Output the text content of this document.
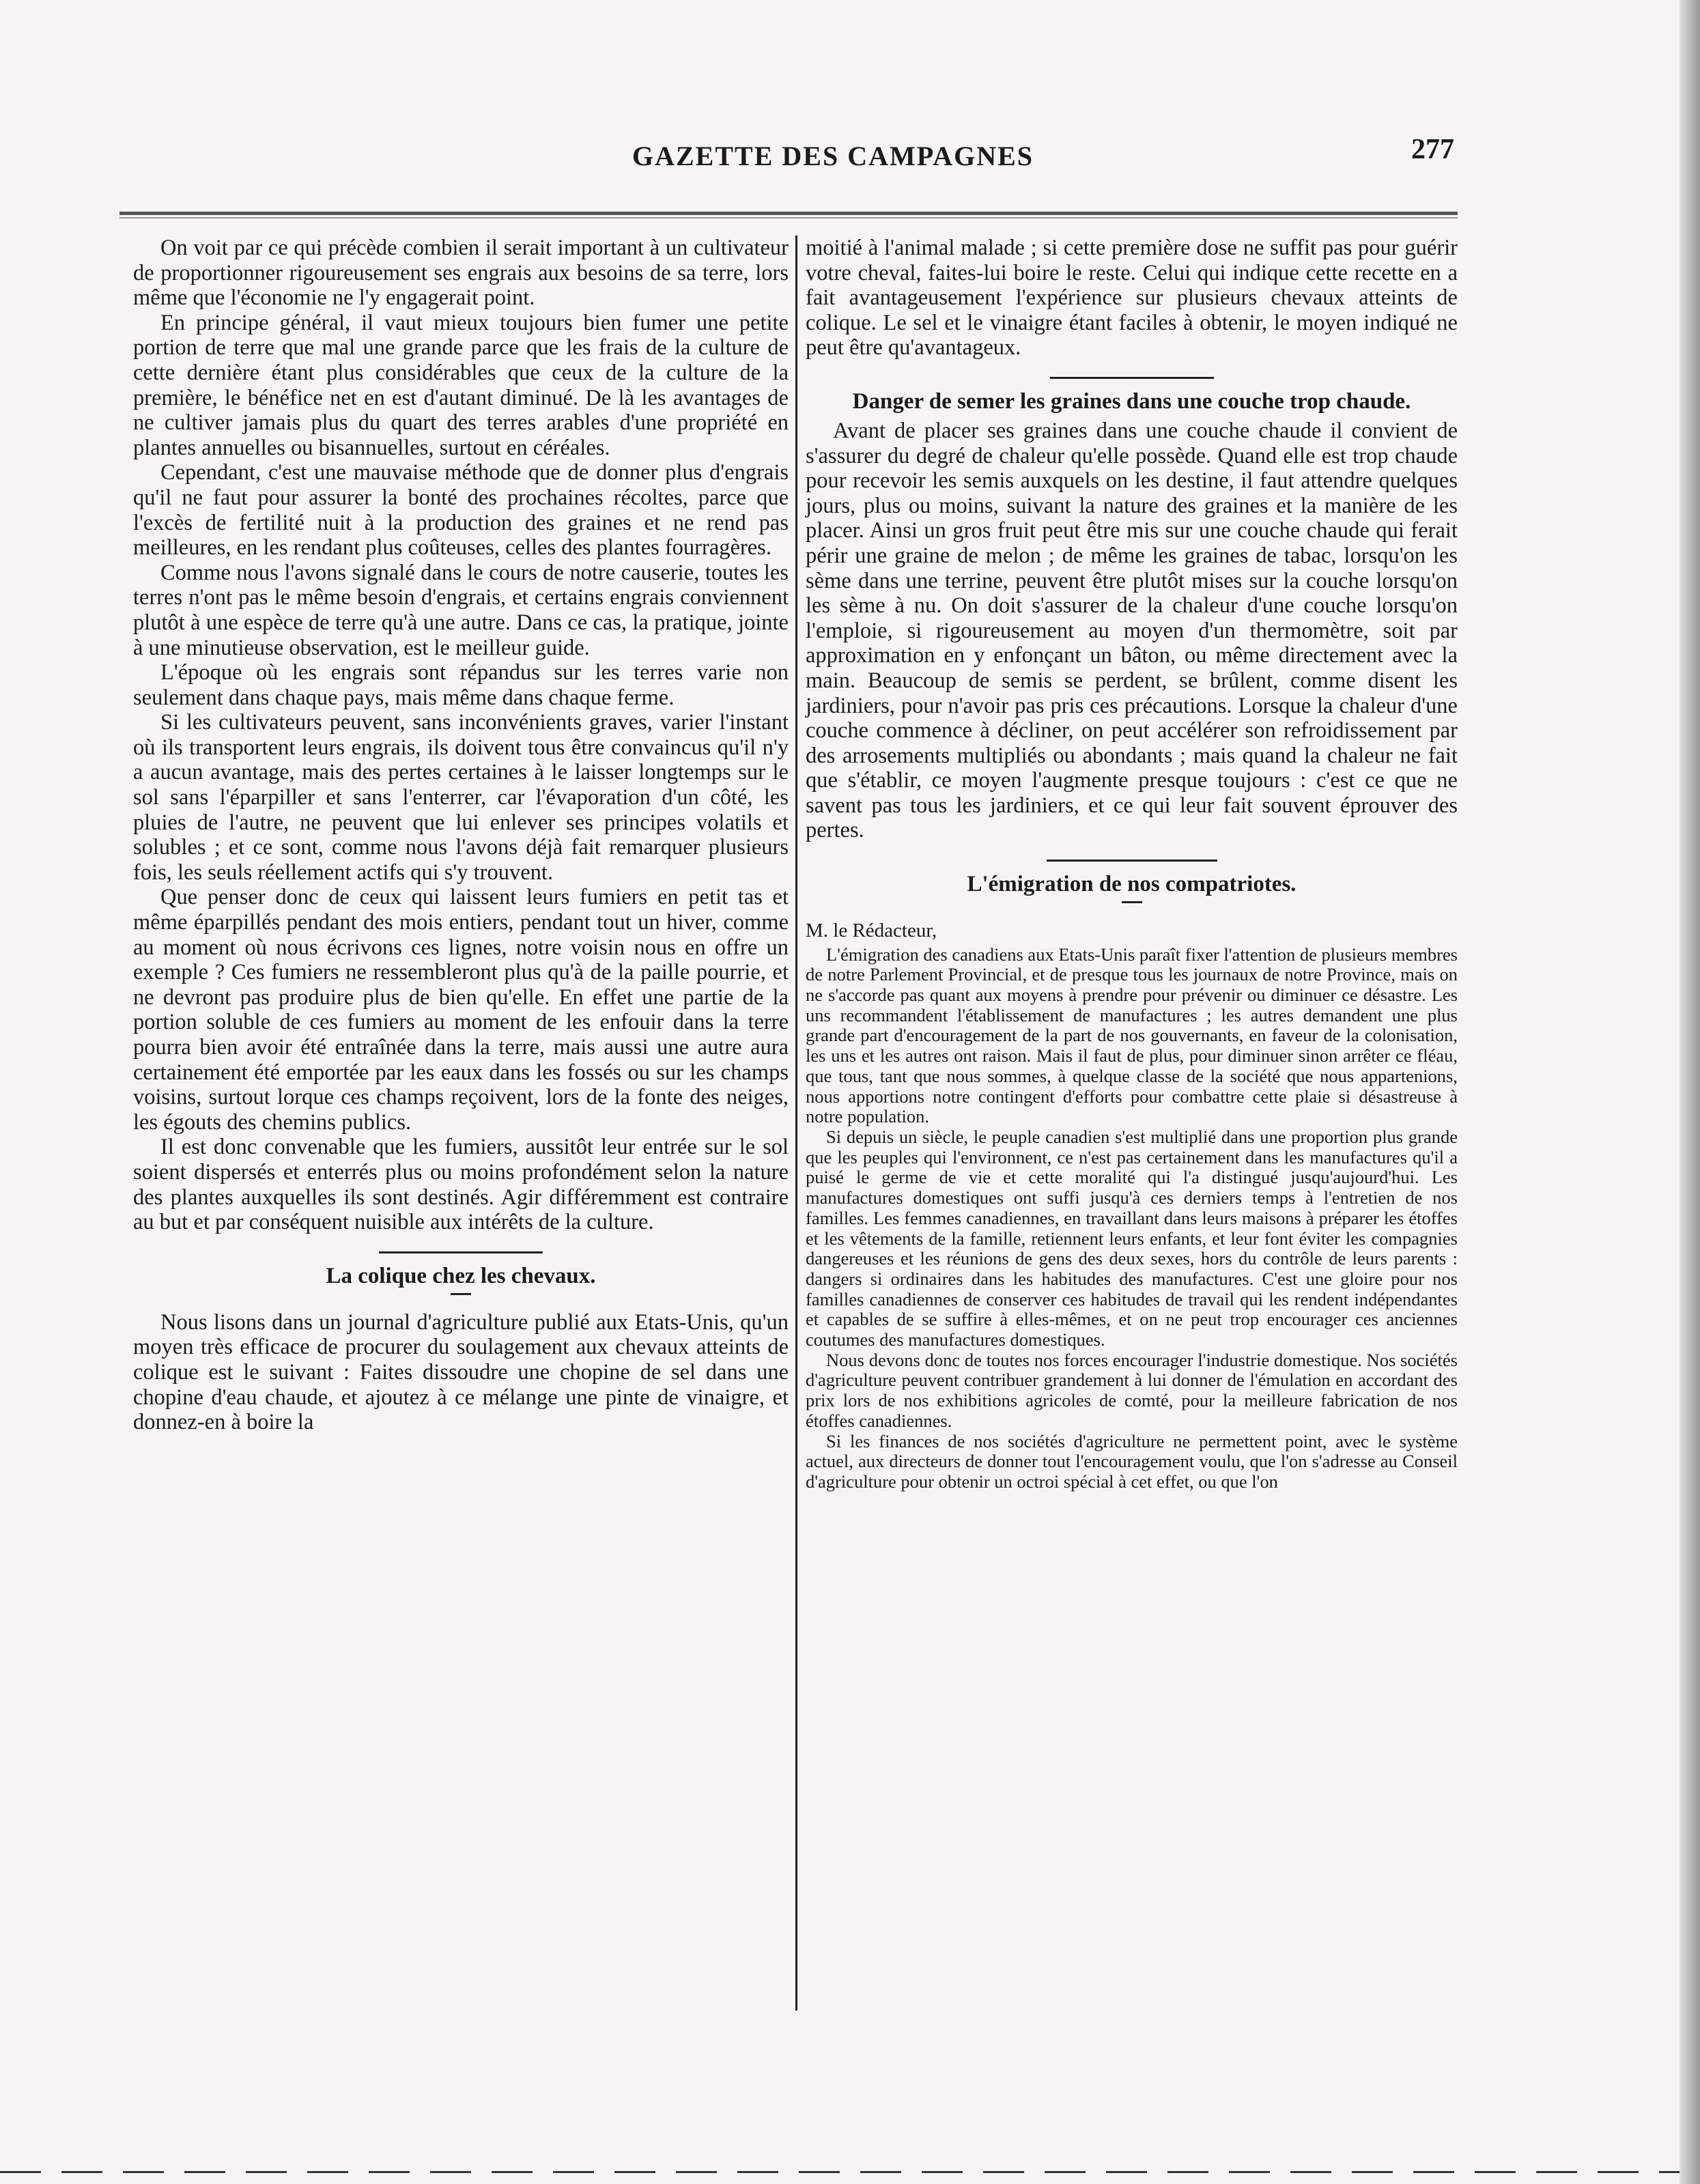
GAZETTE DES CAMPAGNES	277

On voit par ce qui précède combien il serait important à un cultivateur de proportionner rigoureusement ses engrais aux besoins de sa terre, lors même que l'économie ne l'y engagerait point.

En principe général, il vaut mieux toujours bien fumer une petite portion de terre que mal une grande parce que les frais de la culture de cette dernière étant plus considérables que ceux de la culture de la première, le bénéfice net en est d'autant diminué. De là les avantages de ne cultiver jamais plus du quart des terres arables d'une propriété en plantes annuelles ou bisannuelles, surtout en céréales.

Cependant, c'est une mauvaise méthode que de donner plus d'engrais qu'il ne faut pour assurer la bonté des prochaines récoltes, parce que l'excès de fertilité nuit à la production des graines et ne rend pas meilleures, en les rendant plus coûteuses, celles des plantes fourragères.

Comme nous l'avons signalé dans le cours de notre causerie, toutes les terres n'ont pas le même besoin d'engrais, et certains engrais conviennent plutôt à une espèce de terre qu'à une autre. Dans ce cas, la pratique, jointe à une minutieuse observation, est le meilleur guide.

L'époque où les engrais sont répandus sur les terres varie non seulement dans chaque pays, mais même dans chaque ferme.

Si les cultivateurs peuvent, sans inconvénients graves, varier l'instant où ils transportent leurs engrais, ils doivent tous être convaincus qu'il n'y a aucun avantage, mais des pertes certaines à le laisser longtemps sur le sol sans l'éparpiller et sans l'enterrer, car l'évaporation d'un côté, les pluies de l'autre, ne peuvent que lui enlever ses principes volatils et solubles ; et ce sont, comme nous l'avons déjà fait remarquer plusieurs fois, les seuls réellement actifs qui s'y trouvent.

Que penser donc de ceux qui laissent leurs fumiers en petit tas et même éparpillés pendant des mois entiers, pendant tout un hiver, comme au moment où nous écrivons ces lignes, notre voisin nous en offre un exemple ? Ces fumiers ne ressembleront plus qu'à de la paille pourrie, et ne devront pas produire plus de bien qu'elle. En effet une partie de la portion soluble de ces fumiers au moment de les enfouir dans la terre pourra bien avoir été entraînée dans la terre, mais aussi une autre aura certainement été emportée par les eaux dans les fossés ou sur les champs voisins, surtout lorque ces champs reçoivent, lors de la fonte des neiges, les égouts des chemins publics.

Il est donc convenable que les fumiers, aussitôt leur entrée sur le sol soient dispersés et enterrés plus ou moins profondément selon la nature des plantes auxquelles ils sont destinés. Agir différemment est contraire au but et par conséquent nuisible aux intérêts de la culture.

La colique chez les chevaux.

Nous lisons dans un journal d'agriculture publié aux Etats-Unis, qu'un moyen très efficace de procurer du soulagement aux chevaux atteints de colique est le suivant : Faites dissoudre une chopine de sel dans une chopine d'eau chaude, et ajoutez à ce mélange une pinte de vinaigre, et donnez-en à boire la

moitié à l'animal malade ; si cette première dose ne suffit pas pour guérir votre cheval, faites-lui boire le reste. Celui qui indique cette recette en a fait avantageusement l'expérience sur plusieurs chevaux atteints de colique. Le sel et le vinaigre étant faciles à obtenir, le moyen indiqué ne peut être qu'avantageux.

Danger de semer les graines dans une couche trop chaude.

Avant de placer ses graines dans une couche chaude il convient de s'assurer du degré de chaleur qu'elle possède. Quand elle est trop chaude pour recevoir les semis auxquels on les destine, il faut attendre quelques jours, plus ou moins, suivant la nature des graines et la manière de les placer. Ainsi un gros fruit peut être mis sur une couche chaude qui ferait périr une graine de melon ; de même les graines de tabac, lorsqu'on les sème dans une terrine, peuvent être plutôt mises sur la couche lorsqu'on les sème à nu. On doit s'assurer de la chaleur d'une couche lorsqu'on l'emploie, si rigoureusement au moyen d'un thermomètre, soit par approximation en y enfonçant un bâton, ou même directement avec la main. Beaucoup de semis se perdent, se brûlent, comme disent les jardiniers, pour n'avoir pas pris ces précautions. Lorsque la chaleur d'une couche commence à décliner, on peut accélérer son refroidissement par des arrosements multipliés ou abondants ; mais quand la chaleur ne fait que s'établir, ce moyen l'augmente presque toujours : c'est ce que ne savent pas tous les jardiniers, et ce qui leur fait souvent éprouver des pertes.

L'émigration de nos compatriotes.
M. le Rédacteur,

L'émigration des canadiens aux Etats-Unis paraît fixer l'attention de plusieurs membres de notre Parlement Provincial, et de presque tous les journaux de notre Province, mais on ne s'accorde pas quant aux moyens à prendre pour prévenir ou diminuer ce désastre. Les uns recommandent l'établissement de manufactures ; les autres demandent une plus grande part d'encouragement de la part de nos gouvernants, en faveur de la colonisation, les uns et les autres ont raison. Mais il faut de plus, pour diminuer sinon arrêter ce fléau, que tous, tant que nous sommes, à quelque classe de la société que nous appartenions, nous apportions notre contingent d'efforts pour combattre cette plaie si désastreuse à notre population.

Si depuis un siècle, le peuple canadien s'est multiplié dans une proportion plus grande que les peuples qui l'environnent, ce n'est pas certainement dans les manufactures qu'il a puisé le germe de vie et cette moralité qui l'a distingué jusqu'aujourd'hui. Les manufactures domestiques ont suffi jusqu'à ces derniers temps à l'entretien de nos familles. Les femmes canadiennes, en travaillant dans leurs maisons à préparer les étoffes et les vêtements de la famille, retiennent leurs enfants, et leur font éviter les compagnies dangereuses et les réunions de gens des deux sexes, hors du contrôle de leurs parents : dangers si ordinaires dans les habitudes des manufactures. C'est une gloire pour nos familles canadiennes de conserver ces habitudes de travail qui les rendent indépendantes et capables de se suffire à elles-mêmes, et on ne peut trop encourager ces anciennes coutumes des manufactures domestiques.

Nous devons donc de toutes nos forces encourager l'industrie domestique. Nos sociétés d'agriculture peuvent contribuer grandement à lui donner de l'émulation en accordant des prix lors de nos exhibitions agricoles de comté, pour la meilleure fabrication de nos étoffes canadiennes.

Si les finances de nos sociétés d'agriculture ne permettent point, avec le système actuel, aux directeurs de donner tout l'encouragement voulu, que l'on s'adresse au Conseil d'agriculture pour obtenir un octroi spécial à cet effet, ou que l'on
